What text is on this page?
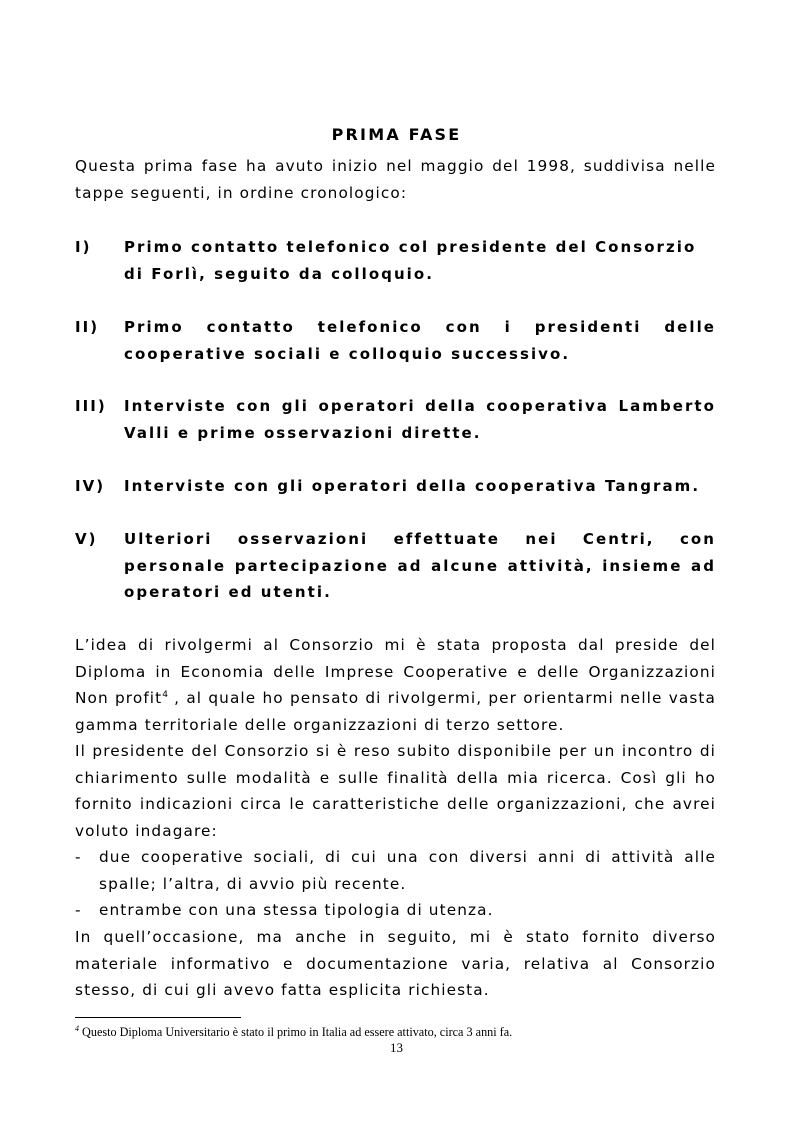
PRIMA FASE
Questa prima fase ha avuto inizio nel maggio del 1998, suddivisa nelle tappe seguenti, in ordine cronologico:
I) Primo contatto telefonico col presidente del Consorzio di Forlì, seguito da colloquio.
II) Primo contatto telefonico con i presidenti delle cooperative sociali e colloquio successivo.
III) Interviste con gli operatori della cooperativa Lamberto Valli e prime osservazioni dirette.
IV) Interviste con gli operatori della cooperativa Tangram.
V) Ulteriori osservazioni effettuate nei Centri, con personale partecipazione ad alcune attività, insieme ad operatori ed utenti.
L’idea di rivolgermi al Consorzio mi è stata proposta dal preside del Diploma in Economia delle Imprese Cooperative e delle Organizzazioni Non profit$^4$ , al quale ho pensato di rivolgermi, per orientarmi nelle vasta gamma territoriale delle organizzazioni di terzo settore.
Il presidente del Consorzio si è reso subito disponibile per un incontro di chiarimento sulle modalità e sulle finalità della mia ricerca. Così gli ho fornito indicazioni circa le caratteristiche delle organizzazioni, che avrei voluto indagare:
- due cooperative sociali, di cui una con diversi anni di attività alle spalle; l’altra, di avvio più recente.
- entrambe con una stessa tipologia di utenza.
In quell’occasione, ma anche in seguito, mi è stato fornito diverso materiale informativo e documentazione varia, relativa al Consorzio stesso, di cui gli avevo fatta esplicita richiesta.
$^4$ Questo Diploma Universitario è stato il primo in Italia ad essere attivato, circa 3 anni fa.
13
